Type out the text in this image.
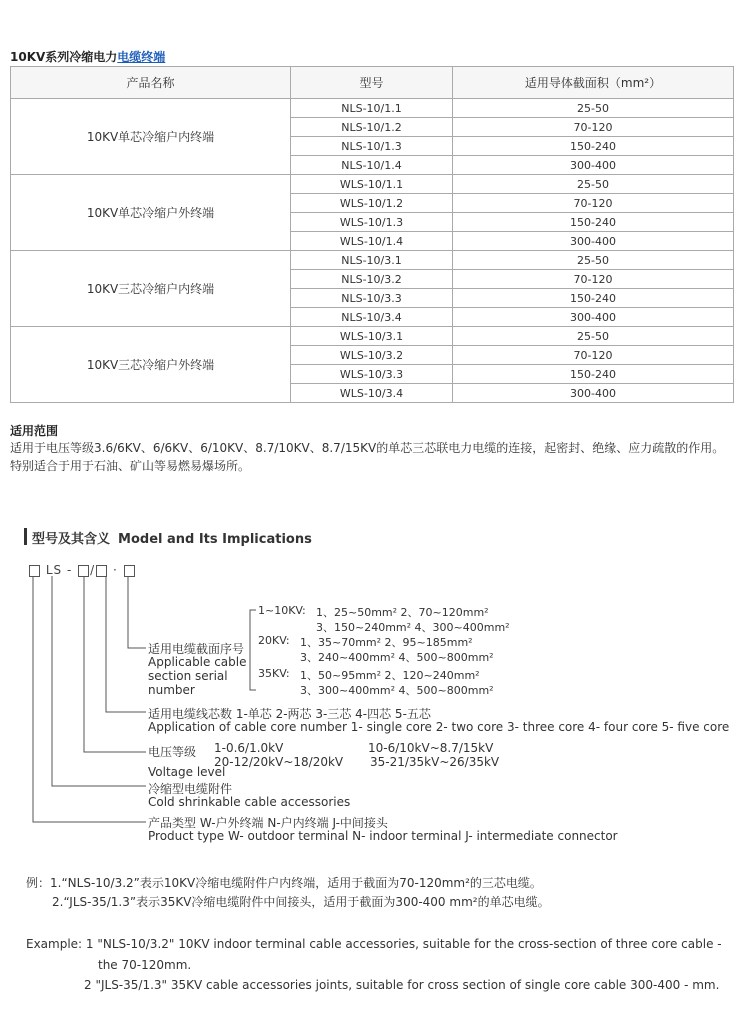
10KV系列冷缩电力电缆终端
产品名称	型号	适用导体截面积（mm²）
10KV单芯冷缩户内终端	NLS-10/1.1	25-50
	NLS-10/1.2	70-120
	NLS-10/1.3	150-240
	NLS-10/1.4	300-400
10KV单芯冷缩户外终端	WLS-10/1.1	25-50
	WLS-10/1.2	70-120
	WLS-10/1.3	150-240
	WLS-10/1.4	300-400
10KV三芯冷缩户内终端	NLS-10/3.1	25-50
	NLS-10/3.2	70-120
	NLS-10/3.3	150-240
	NLS-10/3.4	300-400
10KV三芯冷缩户外终端	WLS-10/3.1	25-50
	WLS-10/3.2	70-120
	WLS-10/3.3	150-240
	WLS-10/3.4	300-400
适用范围
适用于电压等级3.6/6KV、6/6KV、6/10KV、8.7/10KV、8.7/15KV的单芯三芯联电力电缆的连接，起密封、绝缘、应力疏散的作用。特别适合于用于石油、矿山等易燃易爆场所。
型号及其含义 Model and Its Implications
LS - / ·
适用电缆截面序号
Applicable cable
section serial
number
1~10KV: 1、25~50mm² 2、70~120mm²
3、150~240mm² 4、300~400mm²
20KV: 1、35~70mm² 2、95~185mm²
3、240~400mm² 4、500~800mm²
35KV: 1、50~95mm² 2、120~240mm²
3、300~400mm² 4、500~800mm²
适用电缆线芯数 1-单芯 2-两芯 3-三芯 4-四芯 5-五芯
Application of cable core number 1- single core 2- two core 3- three core 4- four core 5- five core
电压等级 1-0.6/1.0kV	10-6/10kV~8.7/15kV
20-12/20kV~18/20kV 35-21/35kV~26/35kV
Voltage level
冷缩型电缆附件
Cold shrinkable cable accessories
产品类型 W-户外终端 N-户内终端 J-中间接头
Product type W- outdoor terminal N- indoor terminal J- intermediate connector
例：1.“NLS-10/3.2”表示10KV冷缩电缆附件户内终端，适用于截面为70-120mm²的三芯电缆。
2.“JLS-35/1.3”表示35KV冷缩电缆附件中间接头，适用于截面为300-400 mm²的单芯电缆。
Example: 1 "NLS-10/3.2" 10KV indoor terminal cable accessories, suitable for the cross-section of three core cable -
the 70-120mm.
2 "JLS-35/1.3" 35KV cable accessories joints, suitable for cross section of single core cable 300-400 - mm.
